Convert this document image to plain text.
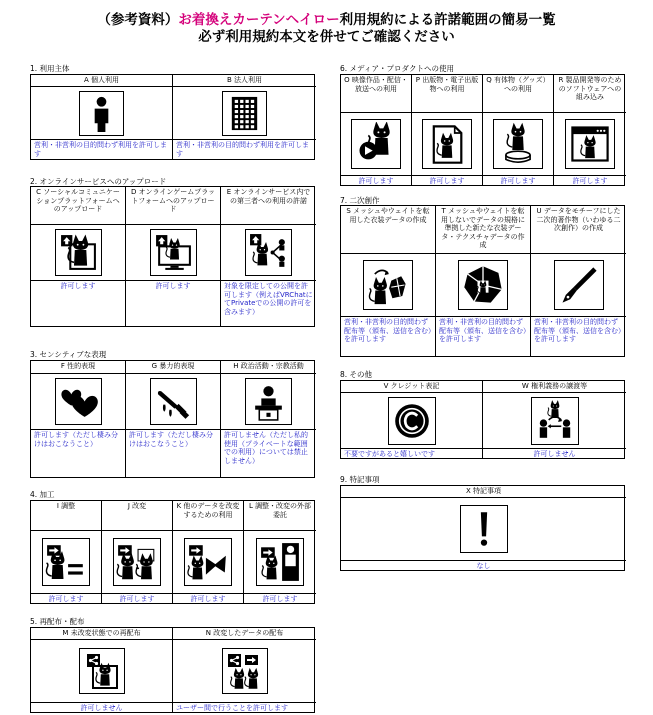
（参考資料）お着換えカーテンヘイロー利用規約による許諾範囲の簡易一覧
必ず利用規約本文を併せてご確認ください
1. 利用主体
A 個人利用
営利・非営利の目的問わず利用を許可します
B 法人利用
営利・非営利の目的問わず利用を許可します
2. オンラインサービスへのアップロード
C ソーシャルコミュニケーションプラットフォームへのアップロード
許可します
D オンラインゲームプラットフォームへのアップロード
許可します
E オンラインサービス内での第三者への利用の許諾
対象を限定しての公開を許可します（例えばVRChatにてPrivateでの公開の許可を含みます）
3. センシティブな表現
F 性的表現
許可します（ただし棲み分けはおこなうこと）
G 暴力的表現
許可します（ただし棲み分けはおこなうこと）
H 政治活動・宗教活動
許可しません（ただし私的使用（プライベートな範囲での利用）については禁止しません）
4. 加工
I 調整
許可します
J 改変
許可します
K 他のデータを改変するための利用
許可します
L 調整・改変の外部委託
許可します
5. 再配布・配布
M 未改変状態での再配布
許可しません
N 改変したデータの配布
ユーザー間で行うことを許可します
6. メディア・プロダクトへの使用
O 映像作品・配信・放送への利用
許可します
P 出版物・電子出版物への利用
許可します
Q 有体物（グッズ）への利用
許可します
R 製品開発等のためのソフトウェアへの組み込み
許可します
7. 二次創作
S メッシュやウェイトを転用した衣装データの作成
営利・非営利の目的問わず配布等（頒布、送信を含む）を許可します
T メッシュやウェイトを転用しないでデータの規格に準拠した新たな衣装データ・テクスチャデータの作成
営利・非営利の目的問わず配布等（頒布、送信を含む）を許可します
U データをモチーフにした二次的著作物（いわゆる二次創作）の作成
営利・非営利の目的問わず配布等（頒布、送信を含む）を許可します
8. その他
V クレジット表記
不要ですがあると嬉しいです
W 権利義務の譲渡等
許可しません
9. 特記事項
X 特記事項
なし
